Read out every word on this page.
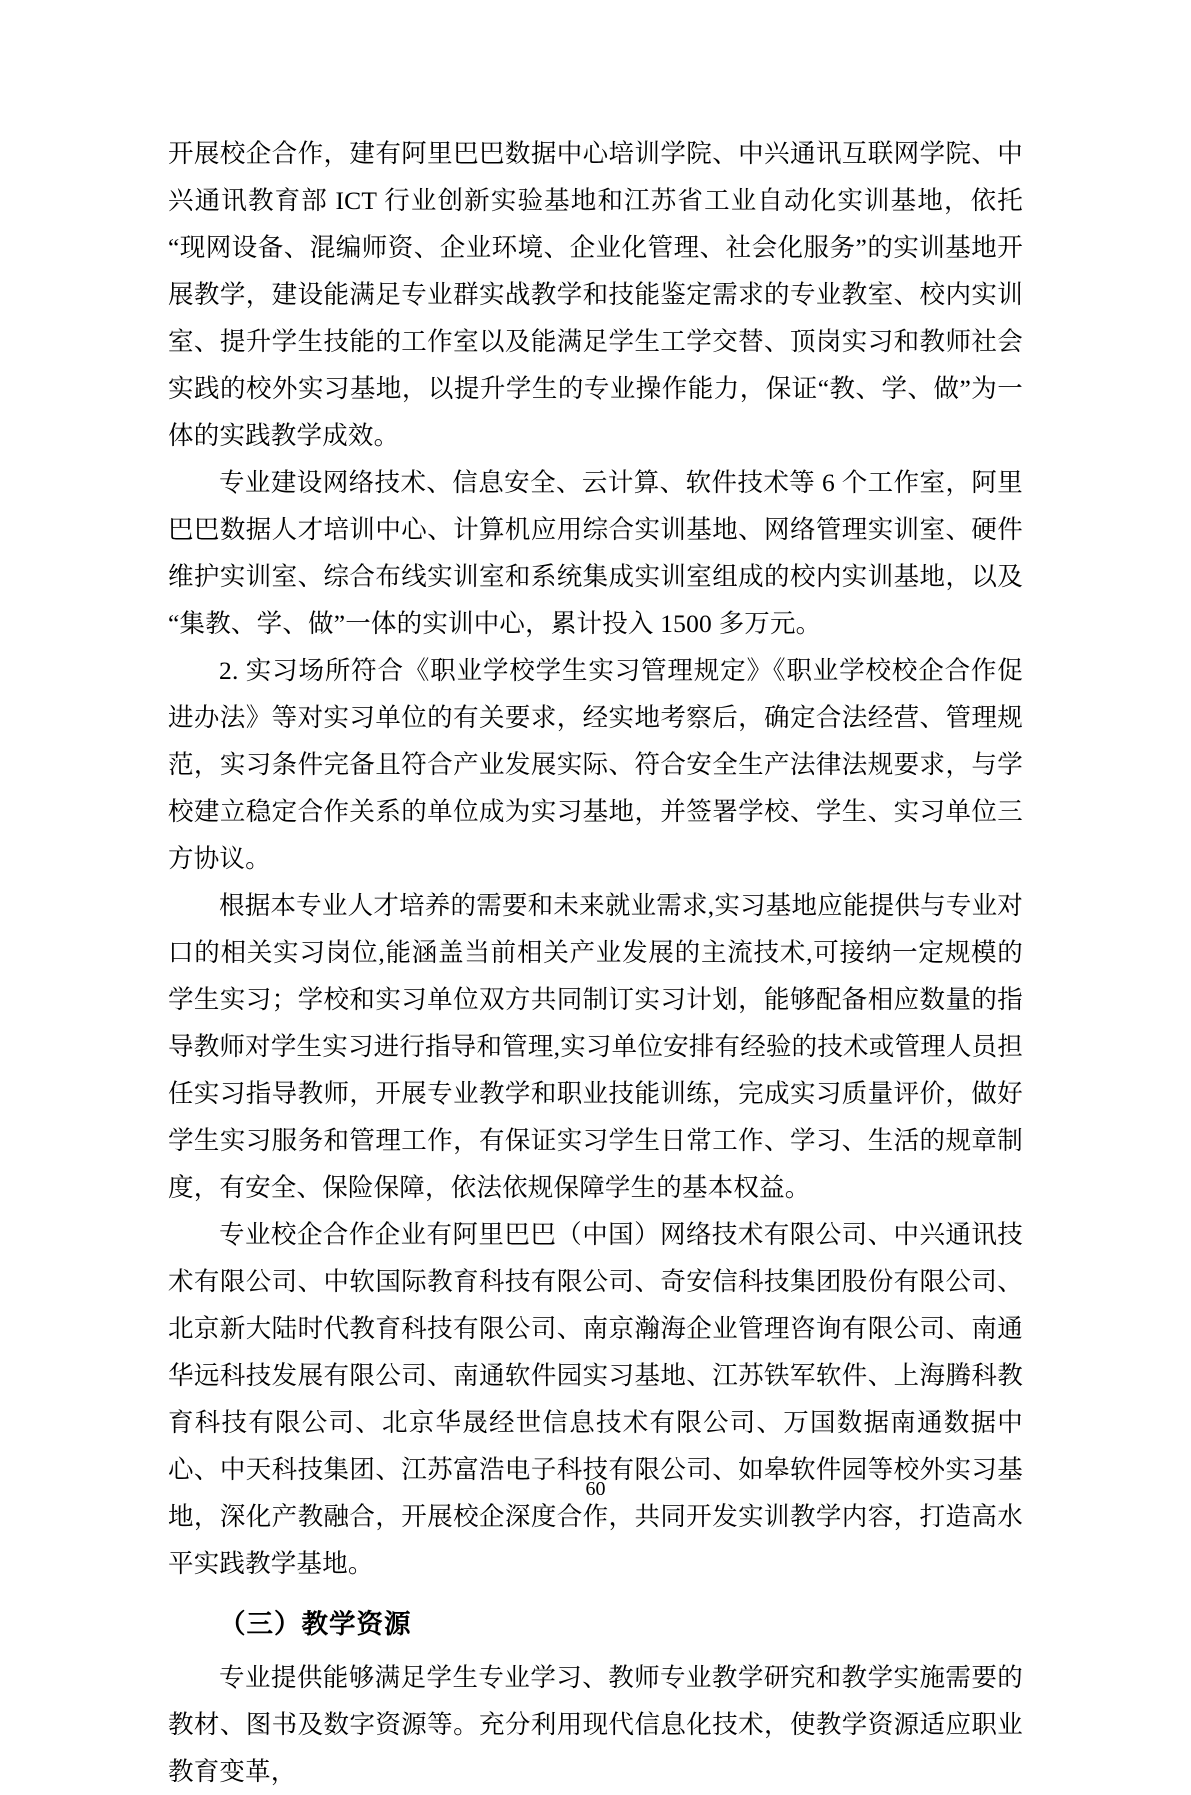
开展校企合作，建有阿里巴巴数据中心培训学院、中兴通讯互联网学院、中兴通讯教育部 ICT 行业创新实验基地和江苏省工业自动化实训基地，依托“现网设备、混编师资、企业环境、企业化管理、社会化服务”的实训基地开展教学，建设能满足专业群实战教学和技能鉴定需求的专业教室、校内实训室、提升学生技能的工作室以及能满足学生工学交替、顶岗实习和教师社会实践的校外实习基地，以提升学生的专业操作能力，保证“教、学、做”为一体的实践教学成效。

专业建设网络技术、信息安全、云计算、软件技术等 6 个工作室，阿里巴巴数据人才培训中心、计算机应用综合实训基地、网络管理实训室、硬件维护实训室、综合布线实训室和系统集成实训室组成的校内实训基地，以及“集教、学、做”一体的实训中心，累计投入 1500 多万元。

2. 实习场所符合《职业学校学生实习管理规定》《职业学校校企合作促进办法》等对实习单位的有关要求，经实地考察后，确定合法经营、管理规范，实习条件完备且符合产业发展实际、符合安全生产法律法规要求，与学校建立稳定合作关系的单位成为实习基地，并签署学校、学生、实习单位三方协议。

根据本专业人才培养的需要和未来就业需求,实习基地应能提供与专业对口的相关实习岗位,能涵盖当前相关产业发展的主流技术,可接纳一定规模的学生实习；学校和实习单位双方共同制订实习计划，能够配备相应数量的指导教师对学生实习进行指导和管理,实习单位安排有经验的技术或管理人员担任实习指导教师，开展专业教学和职业技能训练，完成实习质量评价，做好学生实习服务和管理工作，有保证实习学生日常工作、学习、生活的规章制度，有安全、保险保障，依法依规保障学生的基本权益。

专业校企合作企业有阿里巴巴（中国）网络技术有限公司、中兴通讯技术有限公司、中软国际教育科技有限公司、奇安信科技集团股份有限公司、北京新大陆时代教育科技有限公司、南京瀚海企业管理咨询有限公司、南通华远科技发展有限公司、南通软件园实习基地、江苏铁军软件、上海腾科教育科技有限公司、北京华晟经世信息技术有限公司、万国数据南通数据中心、中天科技集团、江苏富浩电子科技有限公司、如皋软件园等校外实习基地，深化产教融合，开展校企深度合作，共同开发实训教学内容，打造高水平实践教学基地。

（三）教学资源

专业提供能够满足学生专业学习、教师专业教学研究和教学实施需要的教材、图书及数字资源等。充分利用现代信息化技术，使教学资源适应职业教育变革，

60
